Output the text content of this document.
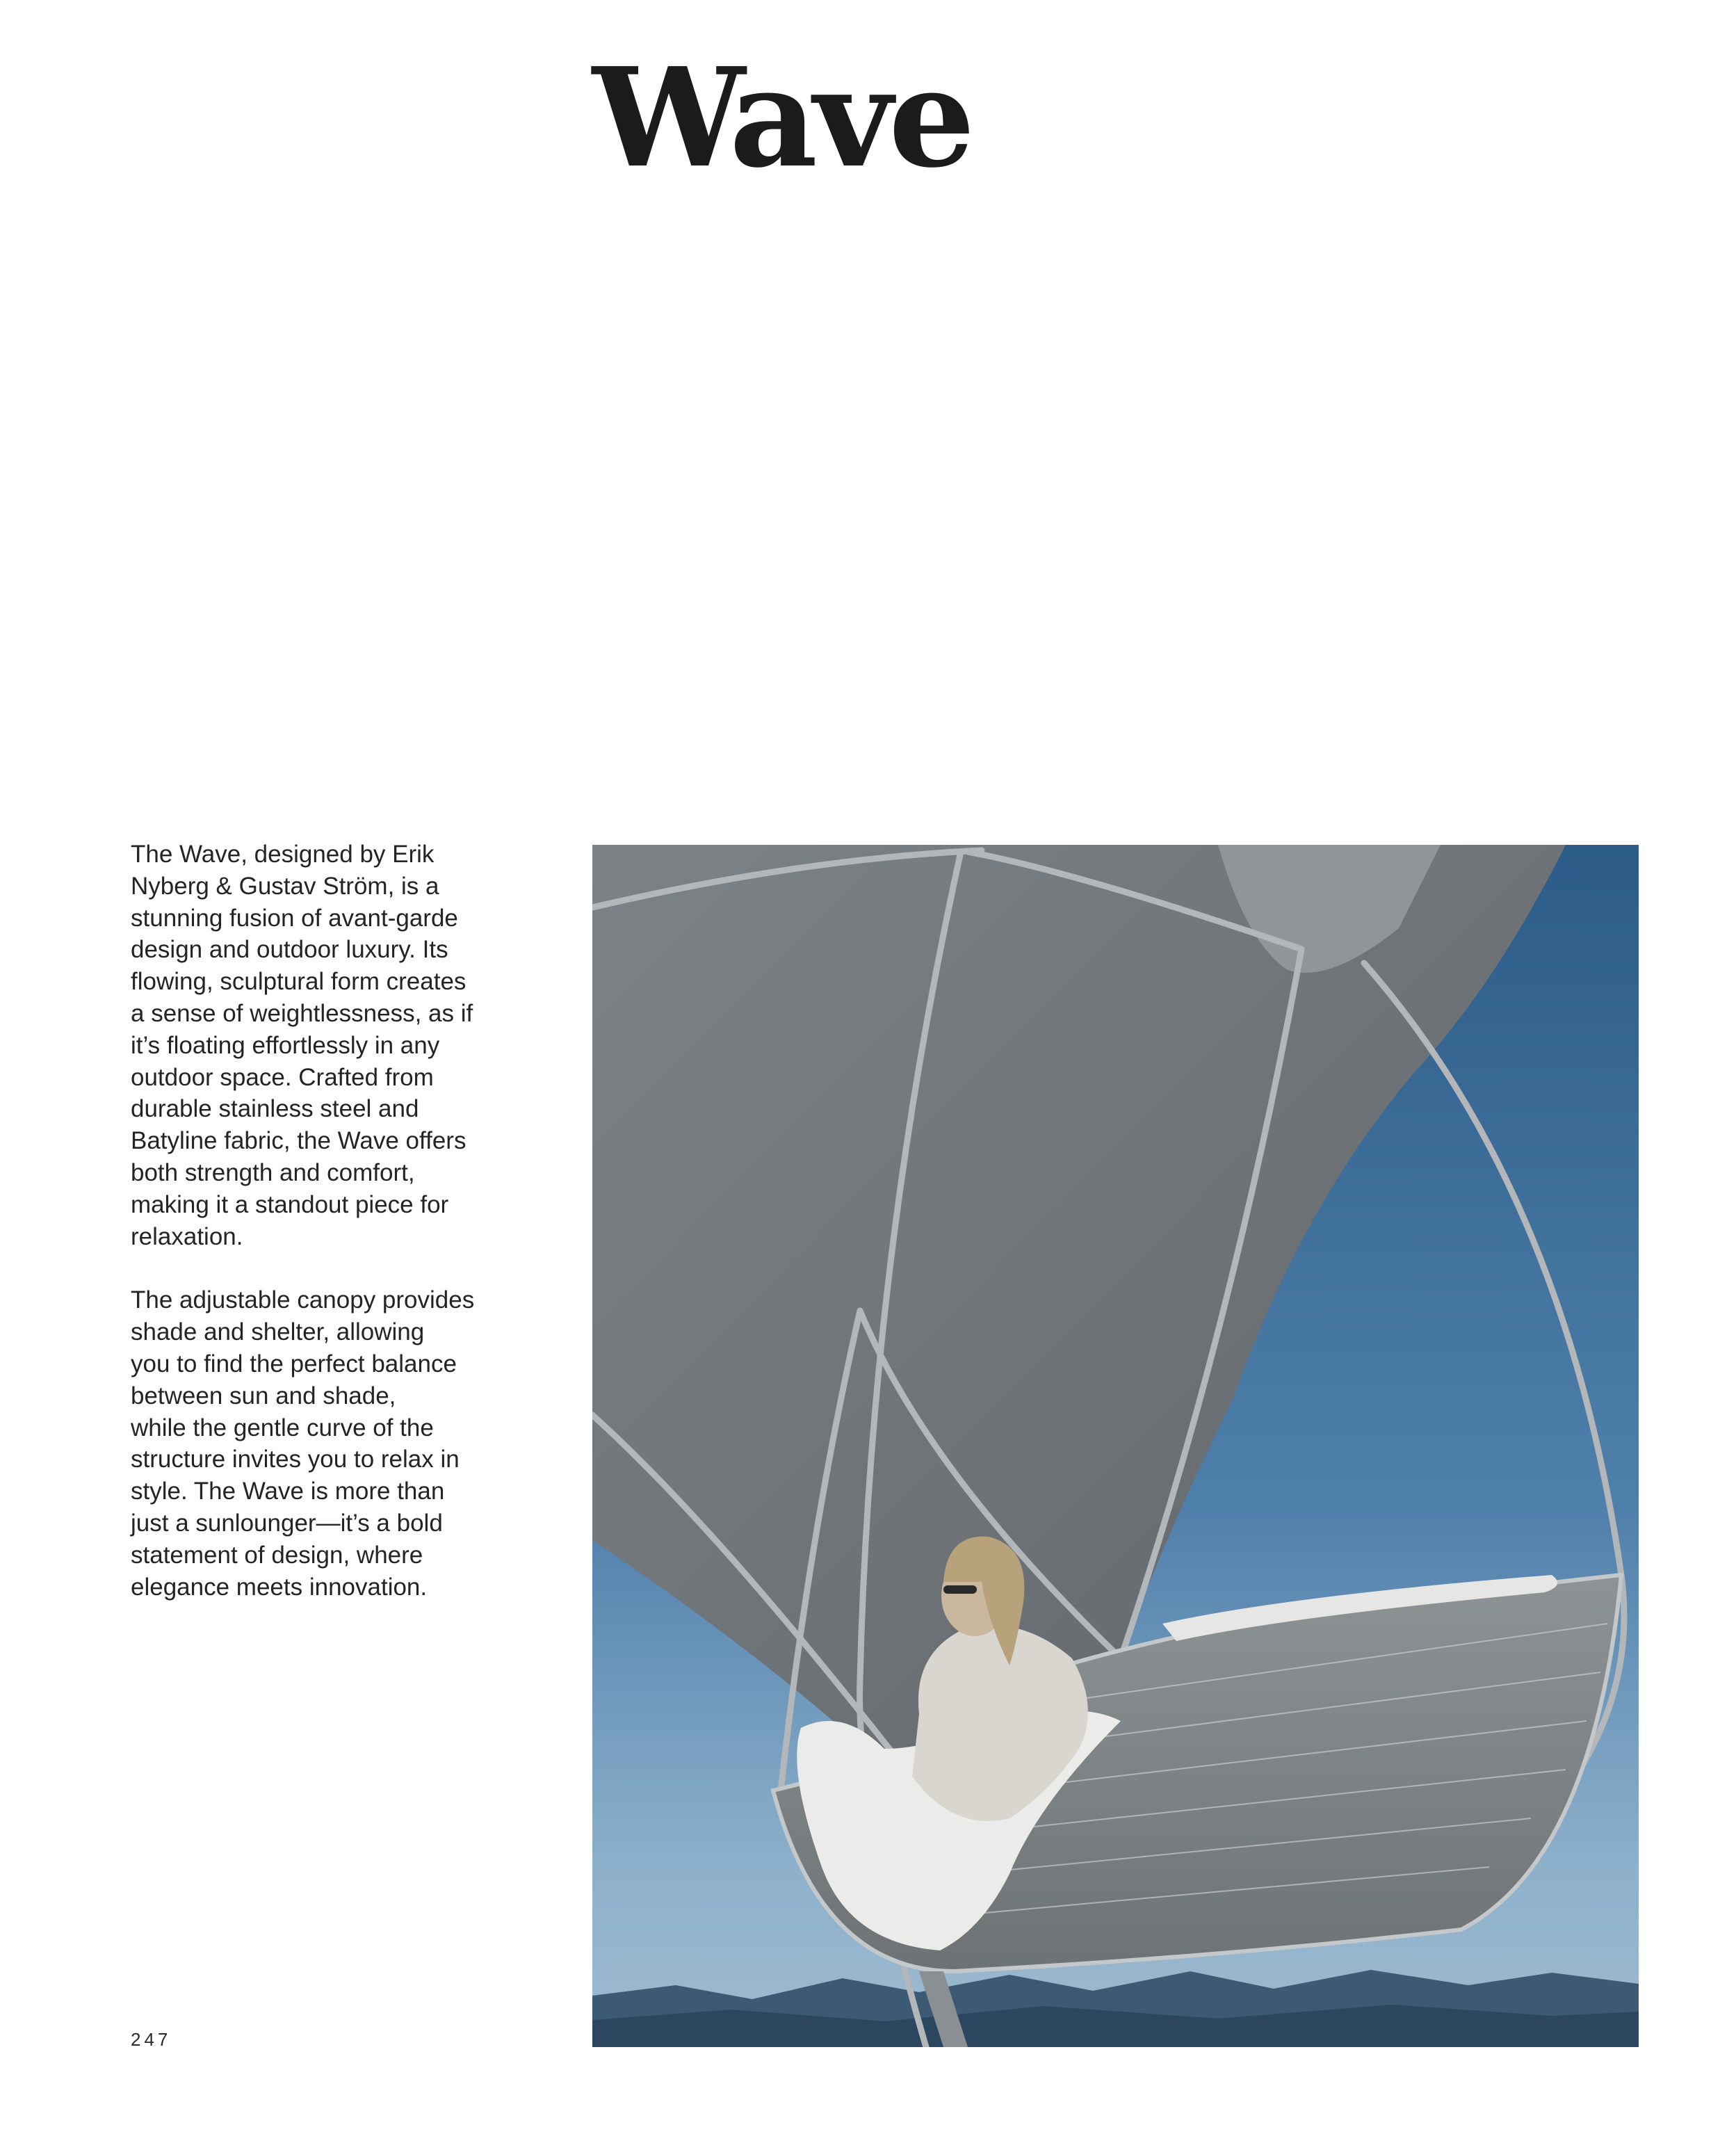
Wave

The Wave, designed by Erik
Nyberg & Gustav Ström, is a
stunning fusion of avant-garde
design and outdoor luxury. Its
flowing, sculptural form creates
a sense of weightlessness, as if
it’s floating effortlessly in any
outdoor space. Crafted from
durable stainless steel and
Batyline fabric, the Wave offers
both strength and comfort,
making it a standout piece for
relaxation.

The adjustable canopy provides
shade and shelter, allowing
you to find the perfect balance
between sun and shade,
while the gentle curve of the
structure invites you to relax in
style. The Wave is more than
just a sunlounger—it’s a bold
statement of design, where
elegance meets innovation.

247
